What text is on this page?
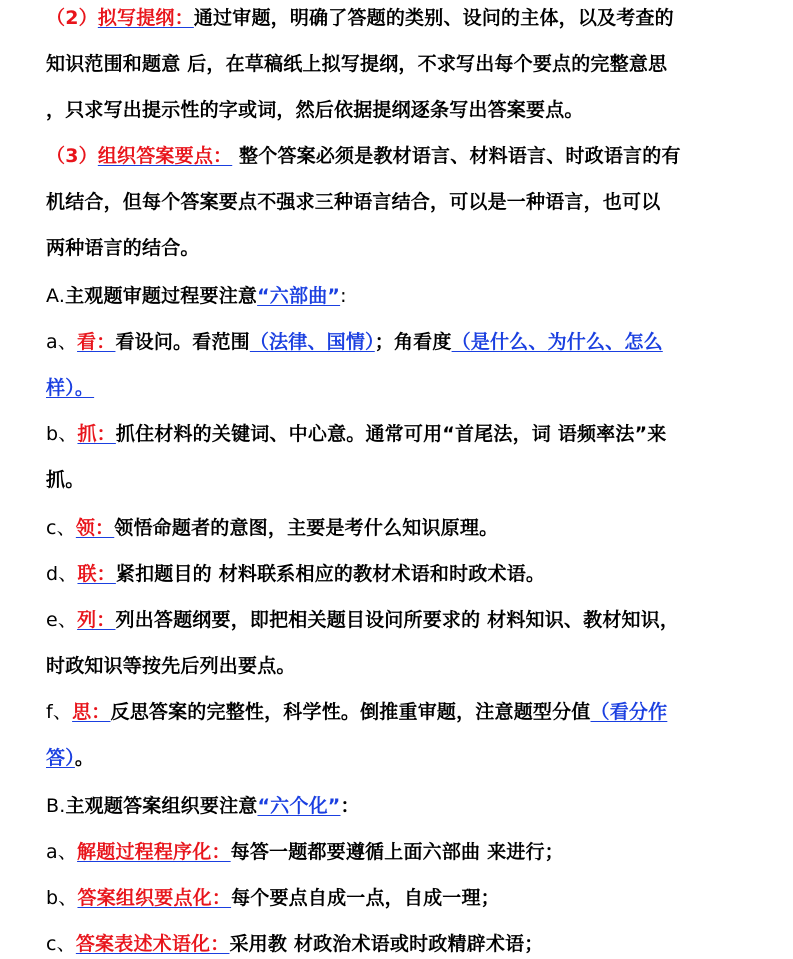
（2）拟写提纲：通过审题，明确了答题的类别、设问的主体，以及考查的
知识范围和题意 后，在草稿纸上拟写提纲，不求写出每个要点的完整意思
，只求写出提示性的字或词，然后依据提纲逐条写出答案要点。
（3）组织答案要点： 整个答案必须是教材语言、材料语言、时政语言的有
机结合，但每个答案要点不强求三种语言结合，可以是一种语言，也可以
两种语言的结合。
A.主观题审题过程要注意“六部曲”:
a、看：看设问。看范围（法律、国情）；角看度（是什么、为什么、怎么
样）。
b、抓：抓住材料的关键词、中心意。通常可用“首尾法，词 语频率法”来
抓。
c、领：领悟命题者的意图，主要是考什么知识原理。
d、联：紧扣题目的 材料联系相应的教材术语和时政术语。
e、列：列出答题纲要，即把相关题目设问所要求的 材料知识、教材知识，
时政知识等按先后列出要点。
f、思：反思答案的完整性，科学性。倒推重审题，注意题型分值（看分作
答）。
B.主观题答案组织要注意“六个化”：
a、解题过程程序化：每答一题都要遵循上面六部曲 来进行；
b、答案组织要点化：每个要点自成一点，自成一理；
c、答案表述术语化：采用教 材政治术语或时政精辟术语；
